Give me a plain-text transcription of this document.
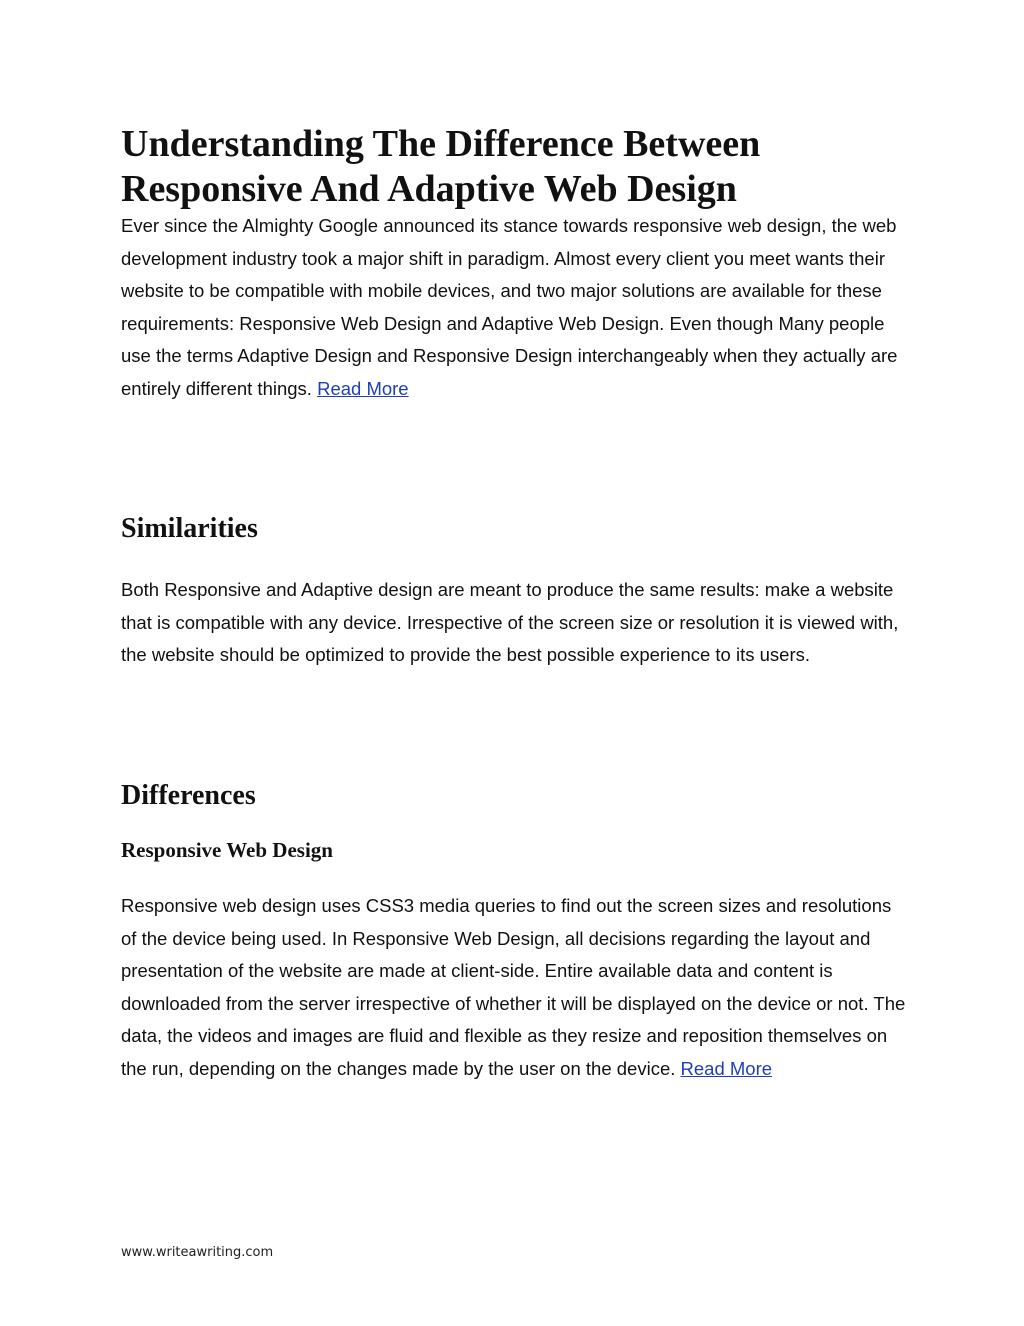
Understanding The Difference Between
Responsive And Adaptive Web Design

Ever since the Almighty Google announced its stance towards responsive web design, the web development industry took a major shift in paradigm. Almost every client you meet wants their website to be compatible with mobile devices, and two major solutions are available for these requirements: Responsive Web Design and Adaptive Web Design. Even though Many people use the terms Adaptive Design and Responsive Design interchangeably when they actually are entirely different things. Read More

Similarities

Both Responsive and Adaptive design are meant to produce the same results: make a website that is compatible with any device. Irrespective of the screen size or resolution it is viewed with, the website should be optimized to provide the best possible experience to its users.

Differences
Responsive Web Design

Responsive web design uses CSS3 media queries to find out the screen sizes and resolutions of the device being used. In Responsive Web Design, all decisions regarding the layout and presentation of the website are made at client-side. Entire available data and content is downloaded from the server irrespective of whether it will be displayed on the device or not. The data, the videos and images are fluid and flexible as they resize and reposition themselves on the run, depending on the changes made by the user on the device. Read More

www.writeawriting.com
